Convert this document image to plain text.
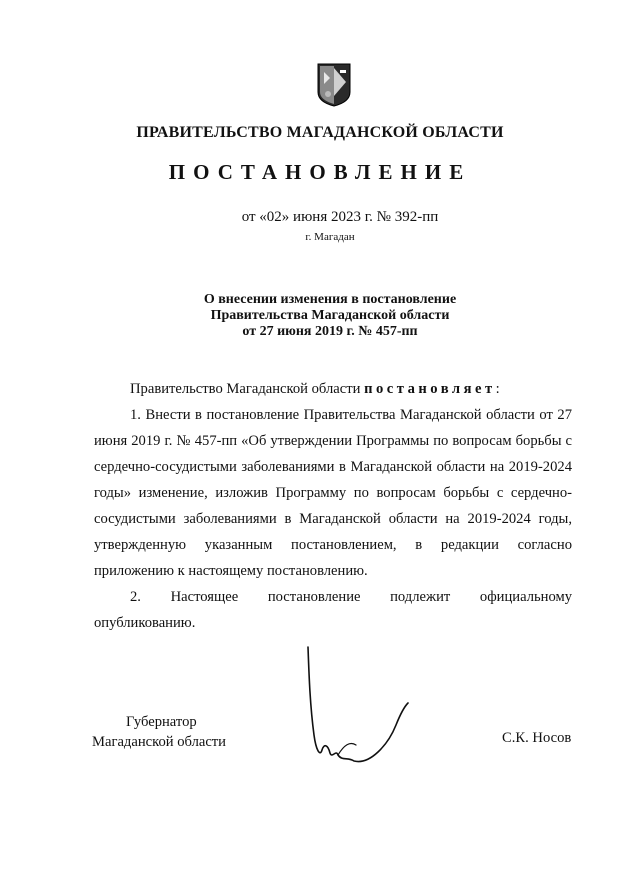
ПРАВИТЕЛЬСТВО МАГАДАНСКОЙ ОБЛАСТИ
ПОСТАНОВЛЕНИЕ
от «02» июня 2023 г. № 392-пп
г. Магадан
О внесении изменения в постановление
Правительства Магаданской области
от 27 июня 2019 г. № 457-пп

Правительство Магаданской области постановляет:

1. Внести в постановление Правительства Магаданской области от 27 июня 2019 г. № 457-пп «Об утверждении Программы по вопросам борьбы с сердечно-сосудистыми заболеваниями в Магаданской области на 2019-2024 годы» изменение, изложив Программу по вопросам борьбы с сердечно-сосудистыми заболеваниями в Магаданской области на 2019-2024 годы, утвержденную указанным постановлением, в редакции согласно приложению к настоящему постановлению.

2. Настоящее постановление подлежит официальному опубликованию.

Губернатор
Магаданской области	С.К. Носов
